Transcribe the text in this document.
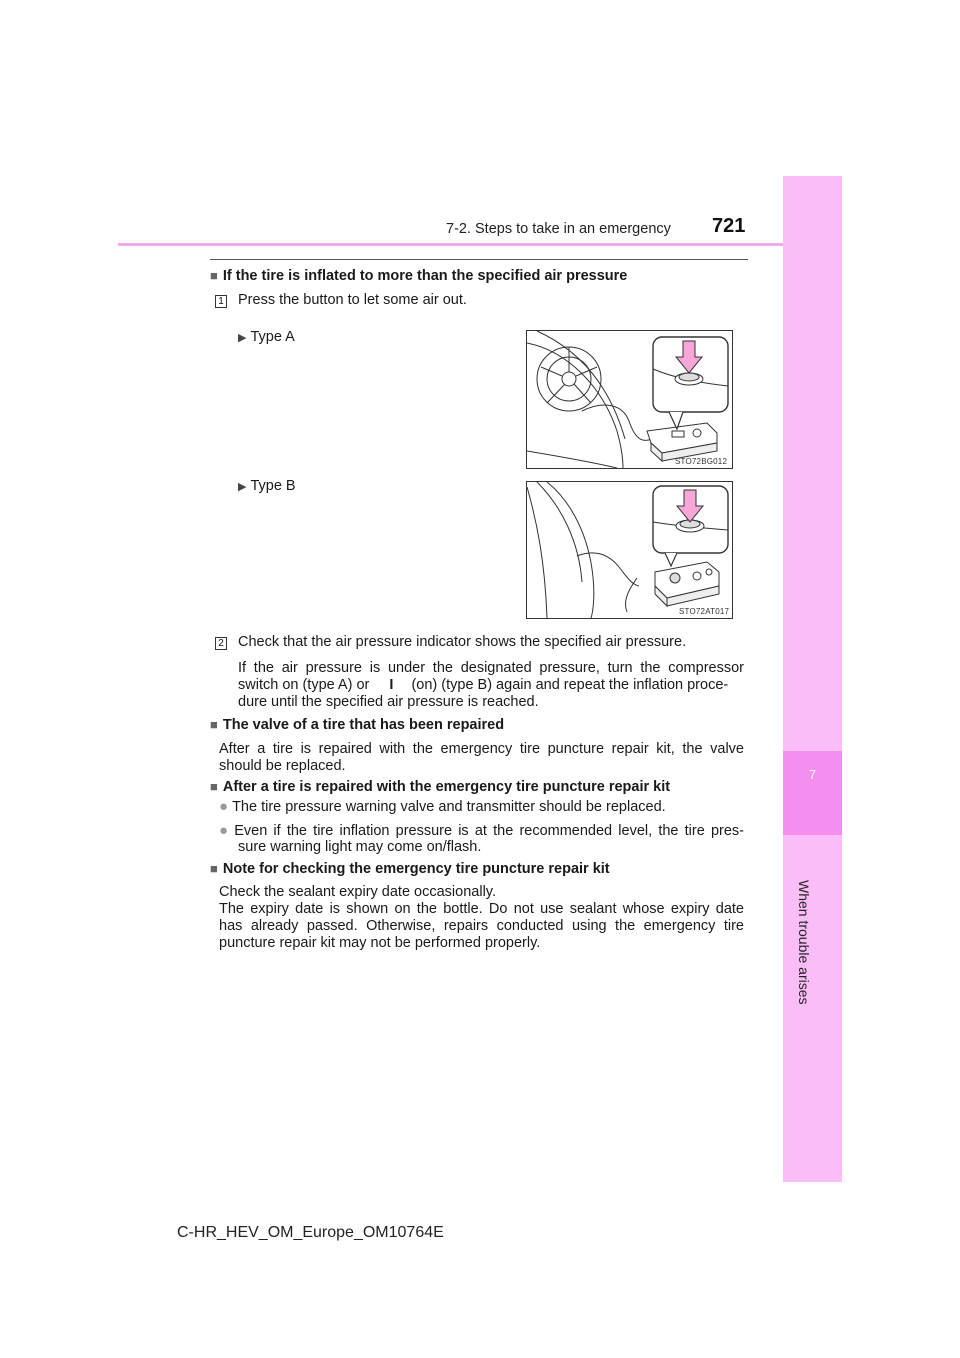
7-2. Steps to take in an emergency 721
7
When trouble arises
■ If the tire is inflated to more than the specified air pressure
1 Press the button to let some air out.
▶ Type A
STO72BG012
▶ Type B
STO72AT017
2 Check that the air pressure indicator shows the specified air pressure.
If the air pressure is under the designated pressure, turn the compressor
switch on (type A) or I (on) (type B) again and repeat the inflation proce-
dure until the specified air pressure is reached.
■ The valve of a tire that has been repaired
After a tire is repaired with the emergency tire puncture repair kit, the valve
should be replaced.
■ After a tire is repaired with the emergency tire puncture repair kit
● The tire pressure warning valve and transmitter should be replaced.
● Even if the tire inflation pressure is at the recommended level, the tire pres-
sure warning light may come on/flash.
■ Note for checking the emergency tire puncture repair kit
Check the sealant expiry date occasionally.
The expiry date is shown on the bottle. Do not use sealant whose expiry date
has already passed. Otherwise, repairs conducted using the emergency tire
puncture repair kit may not be performed properly.
C-HR_HEV_OM_Europe_OM10764E
